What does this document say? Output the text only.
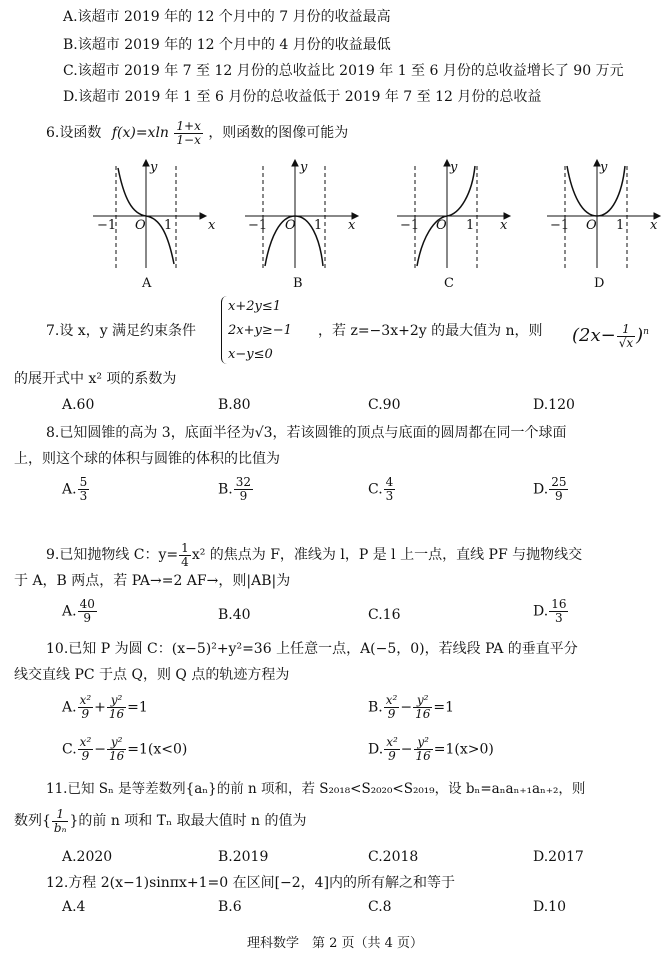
A.该超市 2019 年的 12 个月中的 7 月份的收益最高
B.该超市 2019 年的 12 个月中的 4 月份的收益最低
C.该超市 2019 年 7 至 12 月份的总收益比 2019 年 1 至 6 月份的总收益增长了 90 万元
D.该超市 2019 年 1 至 6 月份的总收益低于 2019 年 7 至 12 月份的总收益
6.设函数 $f(x)=xln \frac{1+x}{1-x}$ ，则函数的图像可能为
y
x
−1 O 1
A
y
x
−1 O 1
B
y
x
−1 O 1
C
y
x
−1 O 1
D
7.设 x，y 满足约束条件
x+2y≤1
2x+y≥−1
x−y≤0
，若 z=−3x+2y 的最大值为 n，则 $(2x- \frac{1}{√x} )^n$
的展开式中 x² 项的系数为
A.60	B.80	C.90	D.120
8.已知圆锥的高为 3，底面半径为√3，若该圆锥的顶点与底面的圆周都在同一个球面
上，则这个球的体积与圆锥的体积的比值为
A. $\frac{5}{3}$	B. $\frac{32}{9}$	C. $\frac{4}{3}$	D. $\frac{25}{9}$
9.已知抛物线 C：$y= \frac{1}{4} x^2$ 的焦点为 F，准线为 l，P 是 l 上一点，直线 PF 与抛物线交
于 A，B 两点，若 PA→=2 AF→，则|AB|为
A. $\frac{40}{9}$	B.40	C.16	D. $\frac{16}{3}$
10.已知 P 为圆 C：(x−5)²+y²=36 上任意一点，A(−5，0)，若线段 PA 的垂直平分
线交直线 PC 于点 Q，则 Q 点的轨迹方程为
A. $\frac{\text{x²}}{9} + \frac{\text{y²}}{16} =1$	B. $\frac{\text{x²}}{9} - \frac{\text{y²}}{16} =1$
C. $\frac{\text{x²}}{9} - \frac{\text{y²}}{16} =1(x<0)$	D. $\frac{\text{x²}}{9} - \frac{\text{y²}}{16} =1(x>0)$
11.已知 Sₙ 是等差数列{aₙ}的前 n 项和，若 S₂₀₁₈<S₂₀₂₀<S₂₀₁₉，设 bₙ=aₙaₙ₊₁aₙ₊₂，则
数列{ $\frac{1}{\text{bₙ}}$ }的前 n 项和 Tₙ 取最大值时 n 的值为
A.2020	B.2019	C.2018	D.2017
12.方程 2(x−1)sinπx+1=0 在区间[−2，4]内的所有解之和等于
A.4	B.6	C.8	D.10
理科数学　第 2 页（共 4 页）
